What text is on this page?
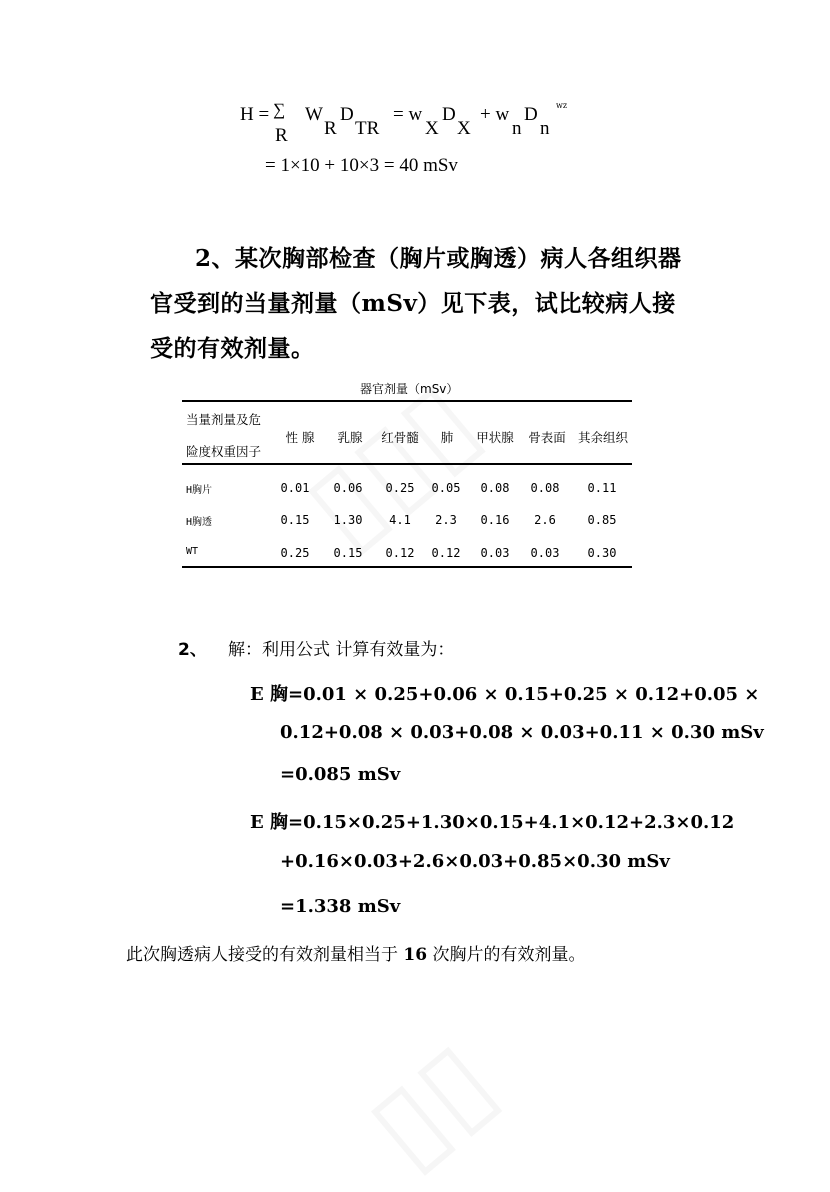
H = ∑
R
W
R
D
TR
= w
X
D
X
+ w
n
D
n
wz
= 1×10 + 10×3 = 40 mSv
2、某次胸部检查（胸片或胸透）病人各组织器
官受到的当量剂量（mSv）见下表，试比较病人接
受的有效剂量。
器官剂量（mSv）
当量剂量及危
险度权重因子
性 腺	乳腺	红骨髓	肺	甲状腺	骨表面 其余组织
H胸片	0.01	0.06	0.25	0.05	0.08	0.08	0.11
H胸透	0.15	1.30	4.1	2.3	0.16	2.6	0.85
WT	0.25	0.15	0.12	0.12	0.03	0.03	0.30
2、 解：利用公式 计算有效量为：
E 胸=0.01 × 0.25+0.06 × 0.15+0.25 × 0.12+0.05 ×
0.12+0.08 × 0.03+0.08 × 0.03+0.11 × 0.30 mSv
=0.085 mSv
E 胸=0.15×0.25+1.30×0.15+4.1×0.12+2.3×0.12
+0.16×0.03+2.6×0.03+0.85×0.30 mSv
=1.338 mSv
此次胸透病人接受的有效剂量相当于 16 次胸片的有效剂量。
